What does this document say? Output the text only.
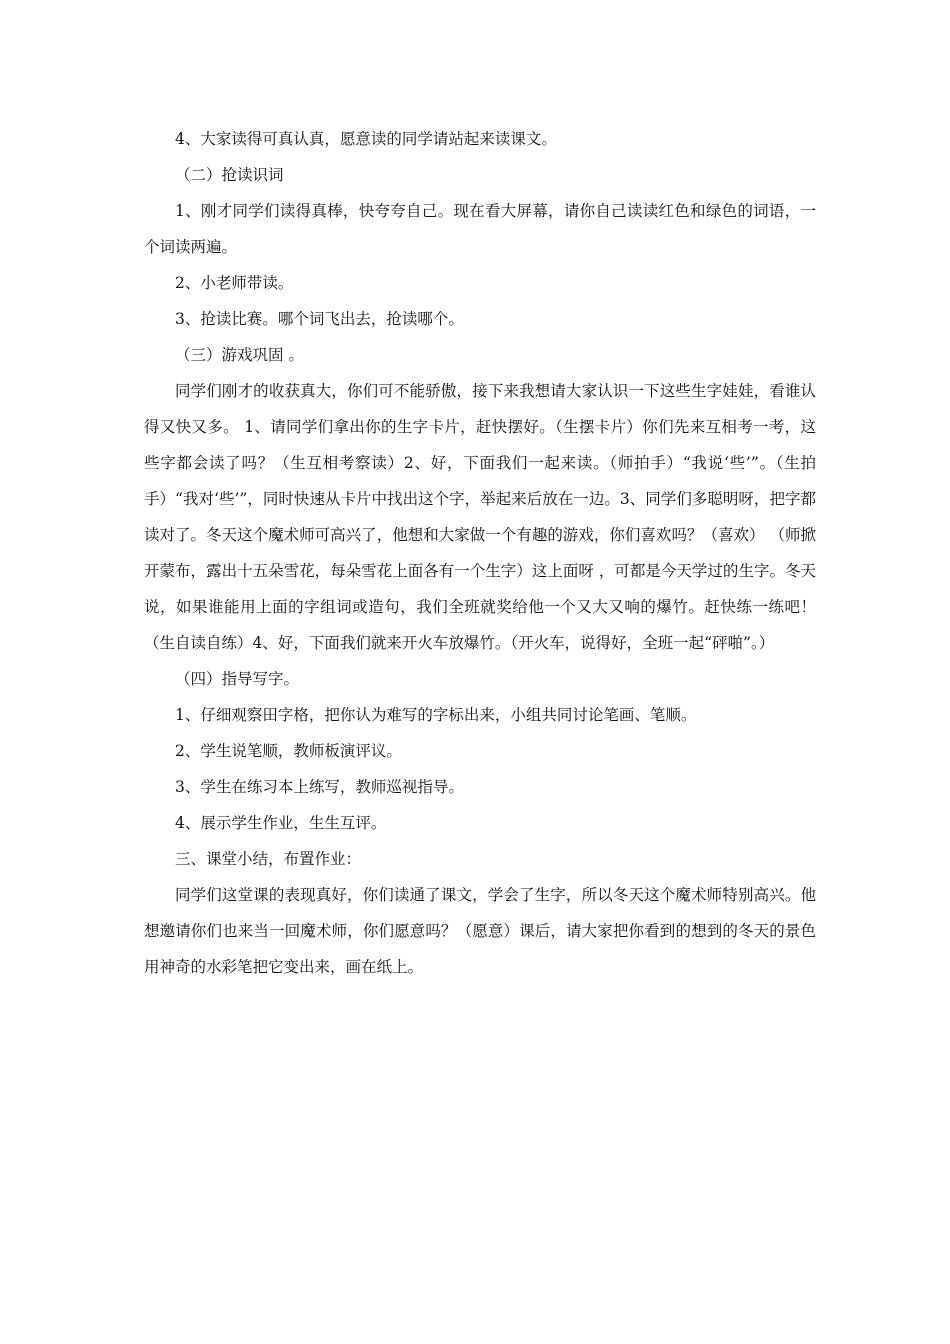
4、大家读得可真认真，愿意读的同学请站起来读课文。

（二）抢读识词

1、刚才同学们读得真棒，快夸夸自己。现在看大屏幕，请你自己读读红色和绿色的词语，一个词读两遍。

2、小老师带读。

3、抢读比赛。哪个词飞出去，抢读哪个。

（三）游戏巩固 。

同学们刚才的收获真大，你们可不能骄傲，接下来我想请大家认识一下这些生字娃娃，看谁认得又快又多。 1、请同学们拿出你的生字卡片，赶快摆好。（生摆卡片）你们先来互相考一考，这些字都会读了吗？（生互相考察读）2、好，下面我们一起来读。（师拍手）“我说‘些’”。（生拍手）“我对‘些’”，同时快速从卡片中找出这个字，举起来后放在一边。3、同学们多聪明呀，把字都读对了。冬天这个魔术师可高兴了，他想和大家做一个有趣的游戏，你们喜欢吗？（喜欢） （师掀开蒙布，露出十五朵雪花，每朵雪花上面各有一个生字）这上面呀 ，可都是今天学过的生字。冬天说，如果谁能用上面的字组词或造句，我们全班就奖给他一个又大又响的爆竹。赶快练一练吧！（生自读自练）4、好，下面我们就来开火车放爆竹。（开火车，说得好，全班一起“砰啪”。）

（四）指导写字。

1、仔细观察田字格，把你认为难写的字标出来，小组共同讨论笔画、笔顺。

2、学生说笔顺，教师板演评议。

3、学生在练习本上练写，教师巡视指导。

4、展示学生作业，生生互评。

三、课堂小结，布置作业：

同学们这堂课的表现真好，你们读通了课文，学会了生字，所以冬天这个魔术师特别高兴。他想邀请你们也来当一回魔术师，你们愿意吗？（愿意）课后，请大家把你看到的想到的冬天的景色用神奇的水彩笔把它变出来，画在纸上。
